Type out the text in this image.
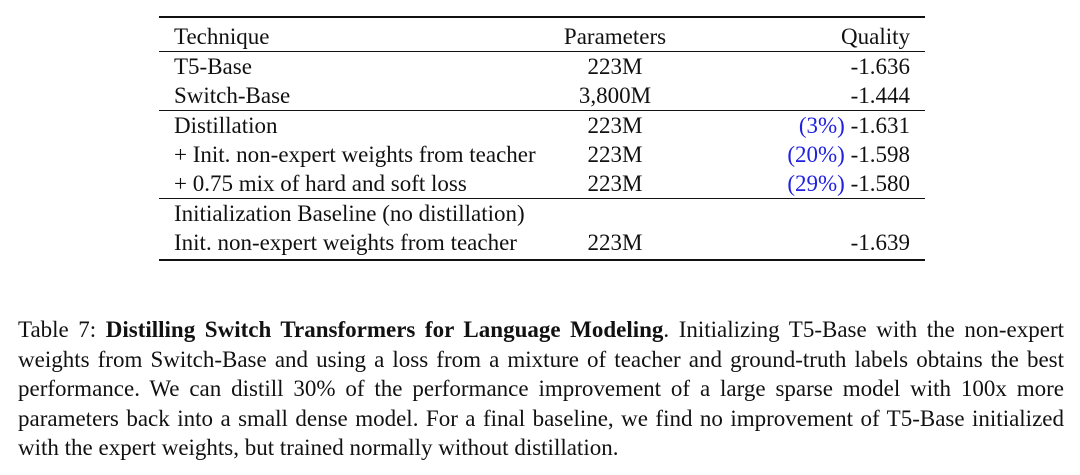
Technique	Parameters	Quality
T5-Base	223M	-1.636
Switch-Base	3,800M	-1.444
Distillation	223M	(3%) -1.631
+ Init. non-expert weights from teacher	223M	(20%) -1.598
+ 0.75 mix of hard and soft loss	223M	(29%) -1.580
Initialization Baseline (no distillation)		
Init. non-expert weights from teacher	223M	-1.639

Table 7: Distilling Switch Transformers for Language Modeling. Initializing T5-Base with the non-expert weights from Switch-Base and using a loss from a mixture of teacher and ground-truth labels obtains the best performance. We can distill 30% of the performance improvement of a large sparse model with 100x more parameters back into a small dense model. For a final baseline, we find no improvement of T5-Base initialized with the expert weights, but trained normally without distillation.
